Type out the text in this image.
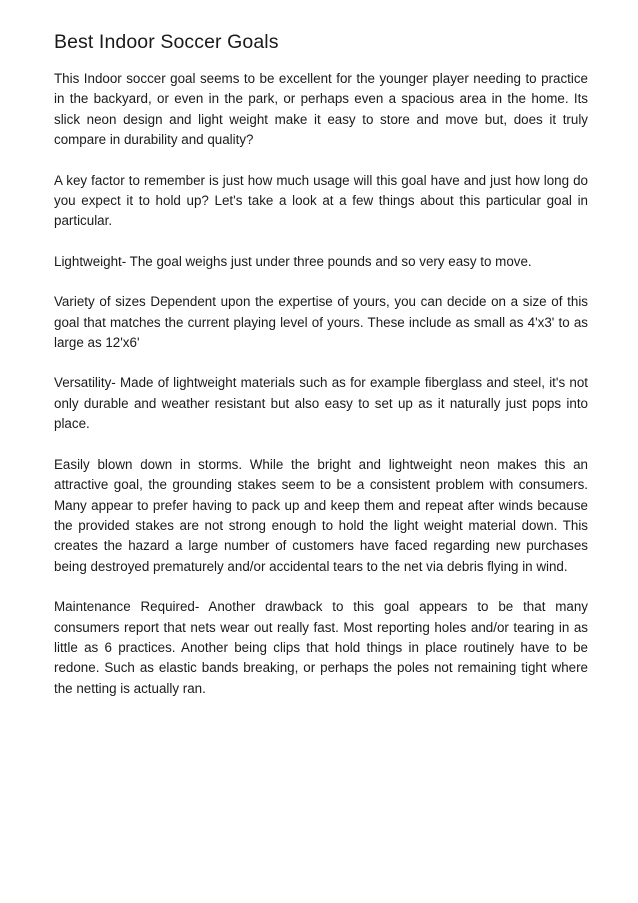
Best Indoor Soccer Goals

This Indoor soccer goal seems to be excellent for the younger player needing to practice in the backyard, or even in the park, or perhaps even a spacious area in the home. Its slick neon design and light weight make it easy to store and move but, does it truly compare in durability and quality?

A key factor to remember is just how much usage will this goal have and just how long do you expect it to hold up? Let's take a look at a few things about this particular goal in particular.

Lightweight- The goal weighs just under three pounds and so very easy to move.

Variety of sizes Dependent upon the expertise of yours, you can decide on a size of this goal that matches the current playing level of yours. These include as small as 4'x3' to as large as 12'x6'

Versatility- Made of lightweight materials such as for example fiberglass and steel, it's not only durable and weather resistant but also easy to set up as it naturally just pops into place.

Easily blown down in storms. While the bright and lightweight neon makes this an attractive goal, the grounding stakes seem to be a consistent problem with consumers. Many appear to prefer having to pack up and keep them and repeat after winds because the provided stakes are not strong enough to hold the light weight material down. This creates the hazard a large number of customers have faced regarding new purchases being destroyed prematurely and/or accidental tears to the net via debris flying in wind.

Maintenance Required- Another drawback to this goal appears to be that many consumers report that nets wear out really fast. Most reporting holes and/or tearing in as little as 6 practices. Another being clips that hold things in place routinely have to be redone. Such as elastic bands breaking, or perhaps the poles not remaining tight where the netting is actually ran.
